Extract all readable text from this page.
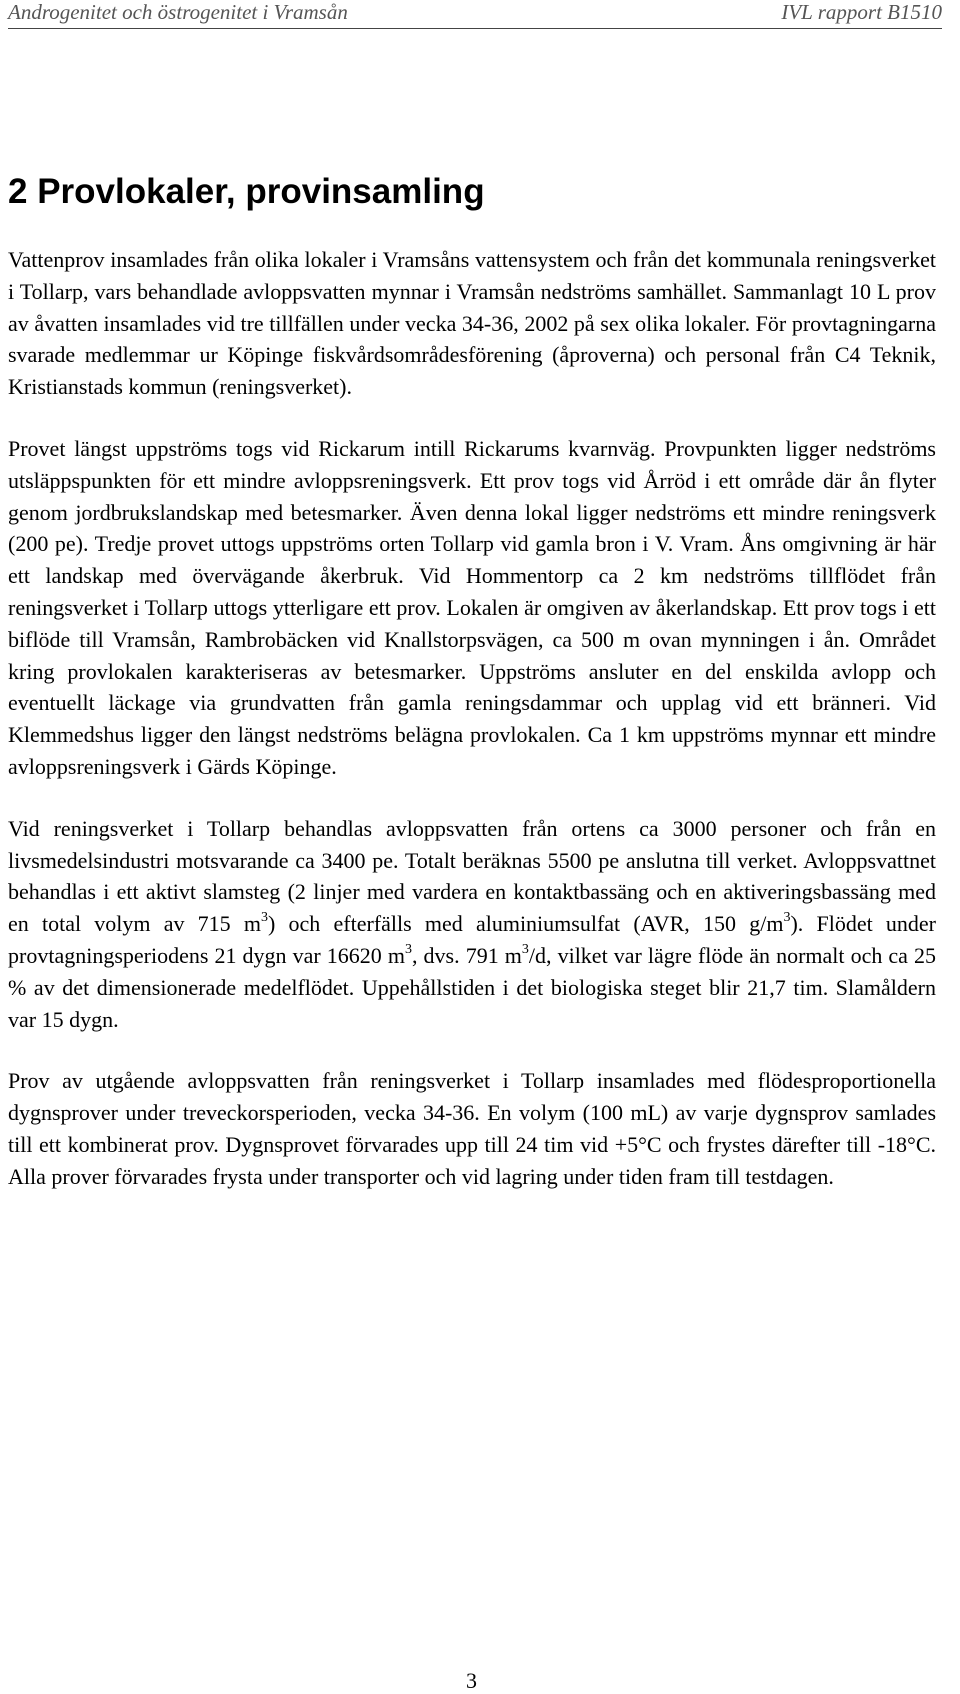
Androgenitet och östrogenitet i Vramsån	IVL rapport B1510
2 Provlokaler, provinsamling

Vattenprov insamlades från olika lokaler i Vramsåns vattensystem och från det kommunala reningsverket i Tollarp, vars behandlade avloppsvatten mynnar i Vramsån nedströms samhället. Sammanlagt 10 L prov av åvatten insamlades vid tre tillfällen under vecka 34-36, 2002 på sex olika lokaler. För provtagningarna svarade medlemmar ur Köpinge fiskvårdsområdesförening (åproverna) och personal från C4 Teknik, Kristianstads kommun (reningsverket).

Provet längst uppströms togs vid Rickarum intill Rickarums kvarnväg. Provpunkten ligger nedströms utsläppspunkten för ett mindre avloppsreningsverk. Ett prov togs vid Årröd i ett område där ån flyter genom jordbrukslandskap med betesmarker. Även denna lokal ligger nedströms ett mindre reningsverk (200 pe). Tredje provet uttogs uppströms orten Tollarp vid gamla bron i V. Vram. Åns omgivning är här ett landskap med övervägande åkerbruk. Vid Hommentorp ca 2 km nedströms tillflödet från reningsverket i Tollarp uttogs ytterligare ett prov. Lokalen är omgiven av åkerlandskap. Ett prov togs i ett biflöde till Vramsån, Rambrobäcken vid Knallstorpsvägen, ca 500 m ovan mynningen i ån. Området kring provlokalen karakteriseras av betesmarker. Uppströms ansluter en del enskilda avlopp och eventuellt läckage via grundvatten från gamla reningsdammar och upplag vid ett bränneri. Vid Klemmedshus ligger den längst nedströms belägna provlokalen. Ca 1 km uppströms mynnar ett mindre avloppsreningsverk i Gärds Köpinge.

Vid reningsverket i Tollarp behandlas avloppsvatten från ortens ca 3000 personer och från en livsmedelsindustri motsvarande ca 3400 pe. Totalt beräknas 5500 pe anslutna till verket. Avloppsvattnet behandlas i ett aktivt slamsteg (2 linjer med vardera en kontaktbassäng och en aktiveringsbassäng med en total volym av 715 $m^3$) och efterfälls med aluminiumsulfat (AVR, 150 $g/m^3$). Flödet under provtagningsperiodens 21 dygn var 16620 $m^3$, dvs. 791 $m^3/d$, vilket var lägre flöde än normalt och ca 25 % av det dimensionerade medelflödet. Uppehållstiden i det biologiska steget blir 21,7 tim. Slamåldern var 15 dygn.

Prov av utgående avloppsvatten från reningsverket i Tollarp insamlades med flödesproportionella dygnsprover under treveckorsperioden, vecka 34-36. En volym (100 mL) av varje dygnsprov samlades till ett kombinerat prov. Dygnsprovet förvarades upp till 24 tim vid +5°C och frystes därefter till -18°C. Alla prover förvarades frysta under transporter och vid lagring under tiden fram till testdagen.

3
